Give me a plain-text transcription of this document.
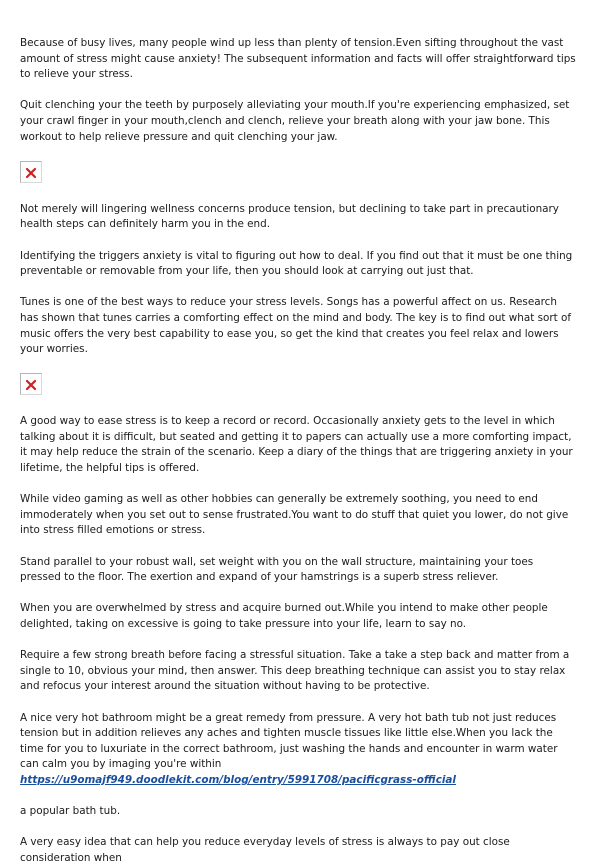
Because of busy lives, many people wind up less than plenty of tension.Even sifting throughout the vast amount of stress might cause anxiety! The subsequent information and facts will offer straightforward tips to relieve your stress.

Quit clenching your the teeth by purposely alleviating your mouth.If you're experiencing emphasized, set your crawl finger in your mouth,clench and clench, relieve your breath along with your jaw bone. This workout to help relieve pressure and quit clenching your jaw.

Not merely will lingering wellness concerns produce tension, but declining to take part in precautionary health steps can definitely harm you in the end.

Identifying the triggers anxiety is vital to figuring out how to deal. If you find out that it must be one thing preventable or removable from your life, then you should look at carrying out just that.

Tunes is one of the best ways to reduce your stress levels. Songs has a powerful affect on us. Research has shown that tunes carries a comforting effect on the mind and body. The key is to find out what sort of music offers the very best capability to ease you, so get the kind that creates you feel relax and lowers your worries.

A good way to ease stress is to keep a record or record. Occasionally anxiety gets to the level in which talking about it is difficult, but seated and getting it to papers can actually use a more comforting impact, it may help reduce the strain of the scenario. Keep a diary of the things that are triggering anxiety in your lifetime, the helpful tips is offered.

While video gaming as well as other hobbies can generally be extremely soothing, you need to end immoderately when you set out to sense frustrated.You want to do stuff that quiet you lower, do not give into stress filled emotions or stress.

Stand parallel to your robust wall, set weight with you on the wall structure, maintaining your toes pressed to the floor. The exertion and expand of your hamstrings is a superb stress reliever.

When you are overwhelmed by stress and acquire burned out.While you intend to make other people delighted, taking on excessive is going to take pressure into your life, learn to say no.

Require a few strong breath before facing a stressful situation. Take a take a step back and matter from a single to 10, obvious your mind, then answer. This deep breathing technique can assist you to stay relax and refocus your interest around the situation without having to be protective.

A nice very hot bathroom might be a great remedy from pressure. A very hot bath tub not just reduces tension but in addition relieves any aches and tighten muscle tissues like little else.When you lack the time for you to luxuriate in the correct bathroom, just washing the hands and encounter in warm water can calm you by imaging you're within https://u9omajf949.doodlekit.com/blog/entry/5991708/pacificgrass-official

a popular bath tub.

A very easy idea that can help you reduce everyday levels of stress is always to pay out close consideration when
